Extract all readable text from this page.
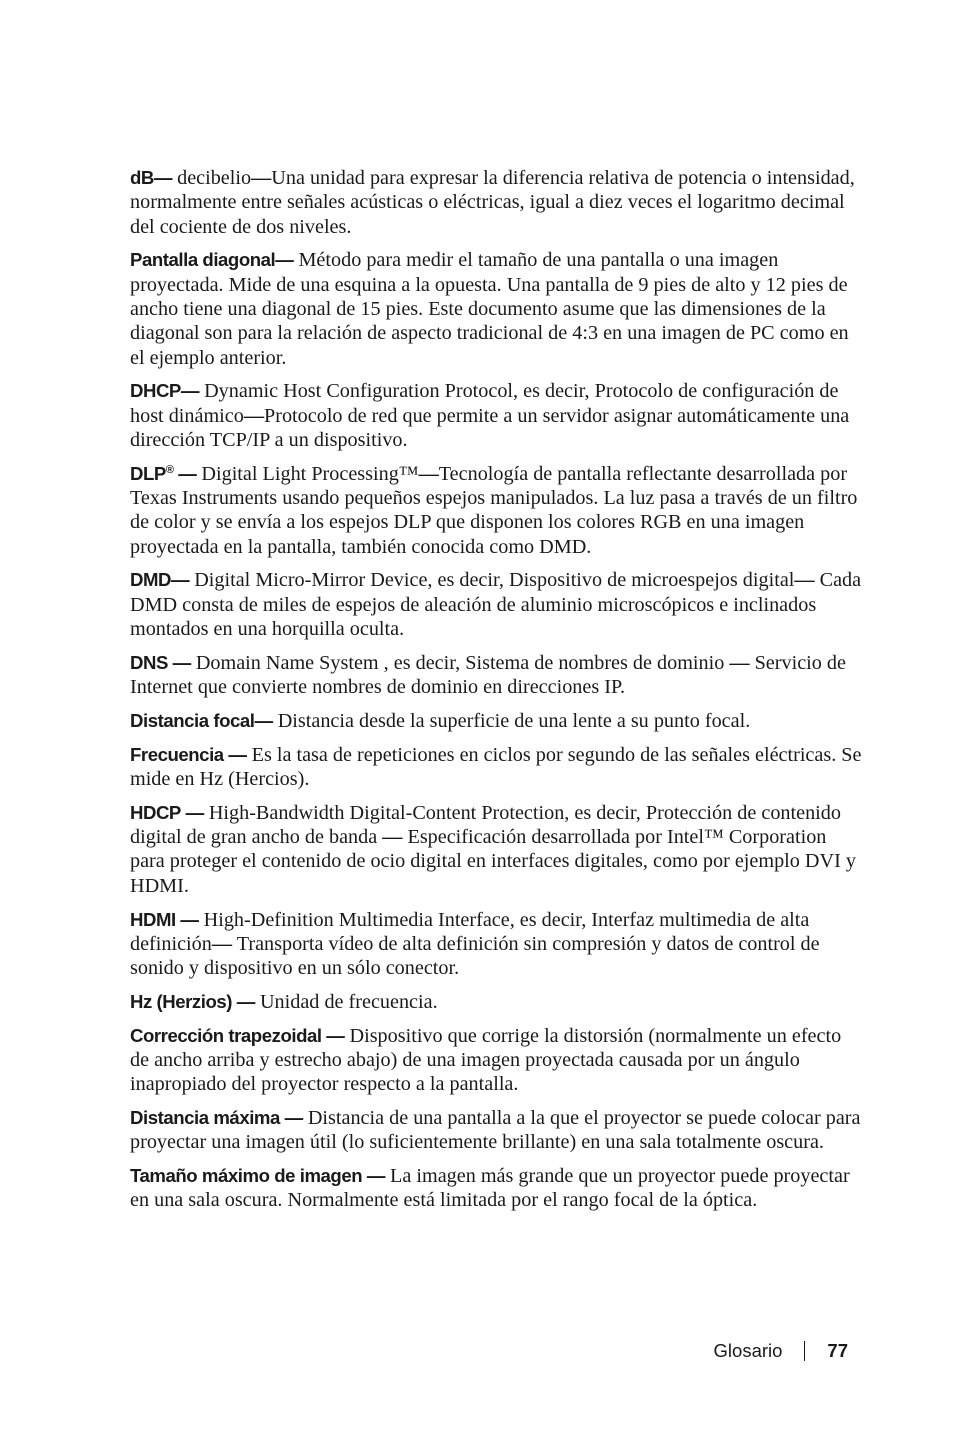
dB— decibelio—Una unidad para expresar la diferencia relativa de potencia o intensidad, normalmente entre señales acústicas o eléctricas, igual a diez veces el logaritmo decimal del cociente de dos niveles.

Pantalla diagonal— Método para medir el tamaño de una pantalla o una imagen proyectada. Mide de una esquina a la opuesta. Una pantalla de 9 pies de alto y 12 pies de ancho tiene una diagonal de 15 pies. Este documento asume que las dimensiones de la diagonal son para la relación de aspecto tradicional de 4:3 en una imagen de PC como en el ejemplo anterior.

DHCP— Dynamic Host Configuration Protocol, es decir, Protocolo de configuración de host dinámico—Protocolo de red que permite a un servidor asignar automáticamente una dirección TCP/IP a un dispositivo.

DLP® — Digital Light Processing™—Tecnología de pantalla reflectante desarrollada por Texas Instruments usando pequeños espejos manipulados. La luz pasa a través de un filtro de color y se envía a los espejos DLP que disponen los colores RGB en una imagen proyectada en la pantalla, también conocida como DMD.

DMD— Digital Micro-Mirror Device, es decir, Dispositivo de microespejos digital— Cada DMD consta de miles de espejos de aleación de aluminio microscópicos e inclinados montados en una horquilla oculta.

DNS — Domain Name System , es decir, Sistema de nombres de dominio — Servicio de Internet que convierte nombres de dominio en direcciones IP.

Distancia focal— Distancia desde la superficie de una lente a su punto focal.

Frecuencia — Es la tasa de repeticiones en ciclos por segundo de las señales eléctricas. Se mide en Hz (Hercios).

HDCP — High-Bandwidth Digital-Content Protection, es decir, Protección de contenido digital de gran ancho de banda — Especificación desarrollada por Intel™ Corporation para proteger el contenido de ocio digital en interfaces digitales, como por ejemplo DVI y HDMI.

HDMI — High-Definition Multimedia Interface, es decir, Interfaz multimedia de alta definición— Transporta vídeo de alta definición sin compresión y datos de control de sonido y dispositivo en un sólo conector.

Hz (Herzios) — Unidad de frecuencia.

Corrección trapezoidal — Dispositivo que corrige la distorsión (normalmente un efecto de ancho arriba y estrecho abajo) de una imagen proyectada causada por un ángulo inapropiado del proyector respecto a la pantalla.

Distancia máxima — Distancia de una pantalla a la que el proyector se puede colocar para proyectar una imagen útil (lo suficientemente brillante) en una sala totalmente oscura.

Tamaño máximo de imagen — La imagen más grande que un proyector puede proyectar en una sala oscura. Normalmente está limitada por el rango focal de la óptica.

Glosario 77
